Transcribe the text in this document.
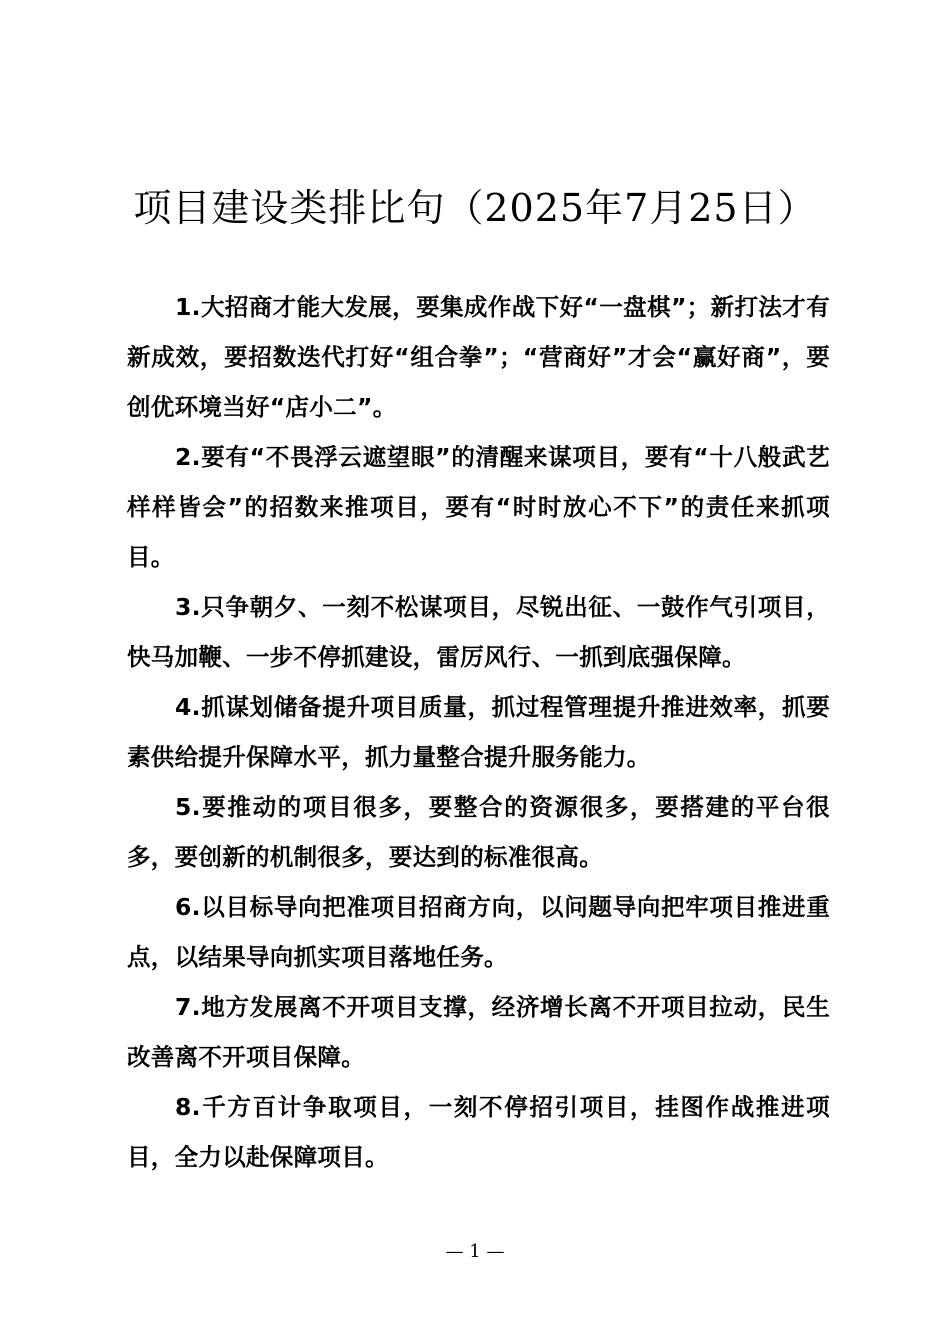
项目建设类排比句（2025年7月25日）

1.大招商才能大发展，要集成作战下好“一盘棋”；新打法才有新成效，要招数迭代打好“组合拳”；“营商好”才会“赢好商”，要创优环境当好“店小二”。

2.要有“不畏浮云遮望眼”的清醒来谋项目，要有“十八般武艺样样皆会”的招数来推项目，要有“时时放心不下”的责任来抓项目。

3.只争朝夕、一刻不松谋项目，尽锐出征、一鼓作气引项目，快马加鞭、一步不停抓建设，雷厉风行、一抓到底强保障。

4.抓谋划储备提升项目质量，抓过程管理提升推进效率，抓要素供给提升保障水平，抓力量整合提升服务能力。

5.要推动的项目很多，要整合的资源很多，要搭建的平台很多，要创新的机制很多，要达到的标准很高。

6.以目标导向把准项目招商方向，以问题导向把牢项目推进重点，以结果导向抓实项目落地任务。

7.地方发展离不开项目支撑，经济增长离不开项目拉动，民生改善离不开项目保障。

8.千方百计争取项目，一刻不停招引项目，挂图作战推进项目，全力以赴保障项目。

— 1 —
